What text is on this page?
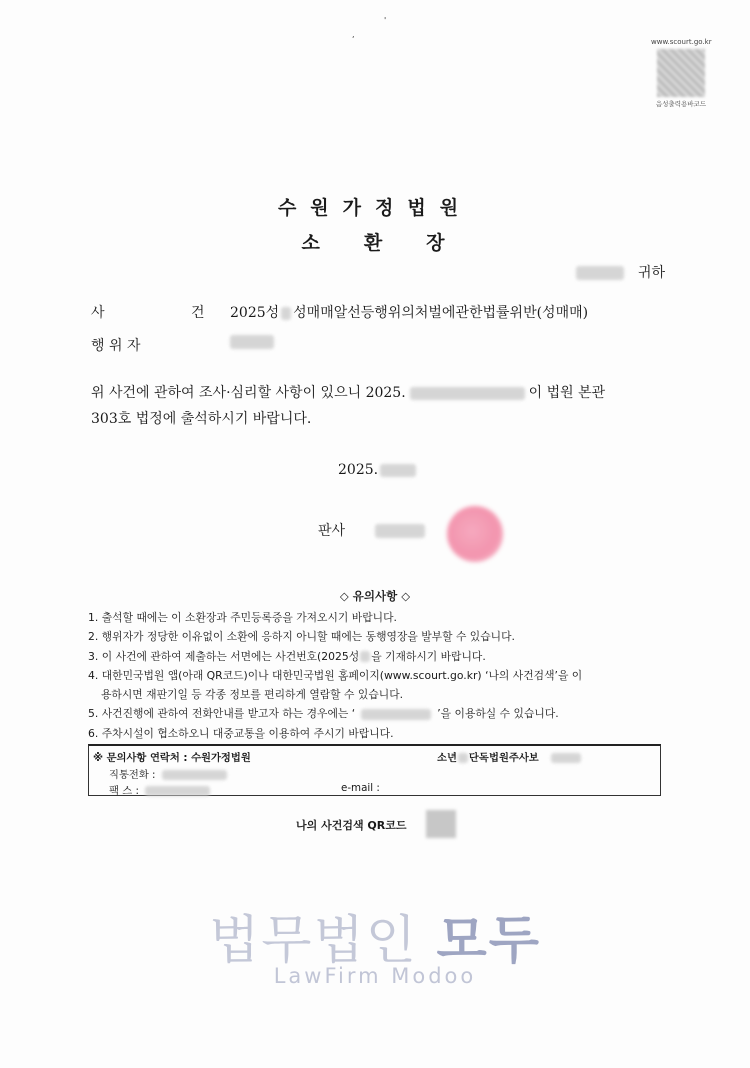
,
'
www.scourt.go.kr
음성출력용바코드
수원가정법원
소환장
귀하
사	건	2025성 성매매알선등행위의처벌에관한법률위반(성매매)
행 위 자
위 사건에 관하여 조사·심리할 사항이 있으니 2025.	이 법원 본관
303호 법정에 출석하시기 바랍니다.
2025.
판사
◇ 유의사항 ◇
1. 출석할 때에는 이 소환장과 주민등록증을 가져오시기 바랍니다.
2. 행위자가 정당한 이유없이 소환에 응하지 아니할 때에는 동행영장을 발부할 수 있습니다.
3. 이 사건에 관하여 제출하는 서면에는 사건번호(2025성 을 기재하시기 바랍니다.
4. 대한민국법원 앱(아래 QR코드)이나 대한민국법원 홈페이지(www.scourt.go.kr) ‘나의 사건검색’을 이
용하시면 재판기일 등 각종 정보를 편리하게 열람할 수 있습니다.
5. 사건진행에 관하여 전화안내를 받고자 하는 경우에는 ‘	’을 이용하실 수 있습니다.
6. 주차시설이 협소하오니 대중교통을 이용하여 주시기 바랍니다.
※ 문의사항 연락처 : 수원가정법원	소년 단독 법원주사보
직통전화 :
팩 스 :	e-mail :
나의 사건검색 QR코드
법무법인 모두
LawFirm Modoo
